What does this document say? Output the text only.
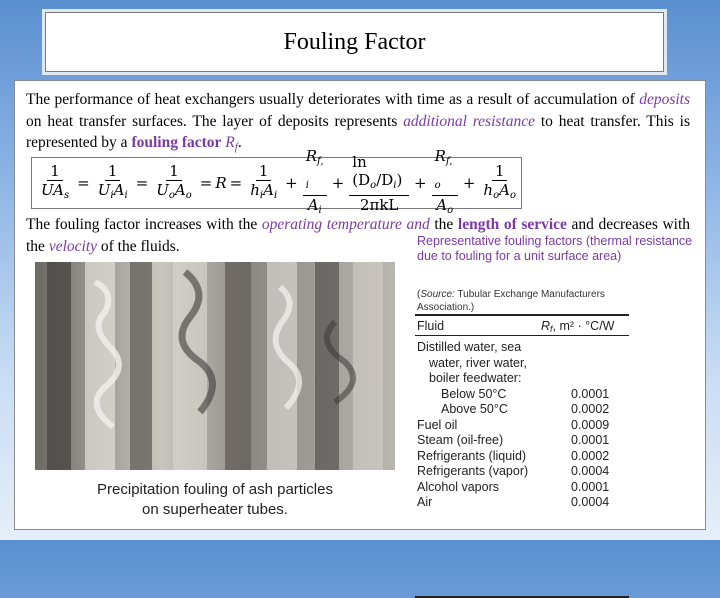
Fouling Factor
The performance of heat exchangers usually deteriorates with time as a result of accumulation of deposits on heat transfer surfaces. The layer of deposits represents additional resistance to heat transfer. This is represented by a fouling factor $R_f$.
$\frac{1}{UA_s} = \frac{1}{U_iA_i} = \frac{1}{U_oA_o} = R = \frac{1}{h_iA_i} + \frac{R_{f, i}}{A_i} + \frac{\ln (D_o/D_i)}{\text{2πkL}} + \frac{R_{f, o}}{A_o} + \frac{1}{h_oA_o}$
The fouling factor increases with the operating temperature and the length of service and decreases with the velocity of the fluids.
Precipitation fouling of ash particles
on superheater tubes.
Representative fouling factors (thermal resistance due to fouling for a unit surface area)
(Source: Tubular Exchange Manufacturers Association.)
Fluid	Rf, m² · °C/W
Distilled water, sea
water, river water,
boiler feedwater:
Below 50°C	0.0001
Above 50°C	0.0002
Fuel oil	0.0009
Steam (oil-free)	0.0001
Refrigerants (liquid)	0.0002
Refrigerants (vapor)	0.0004
Alcohol vapors	0.0001
Air	0.0004
